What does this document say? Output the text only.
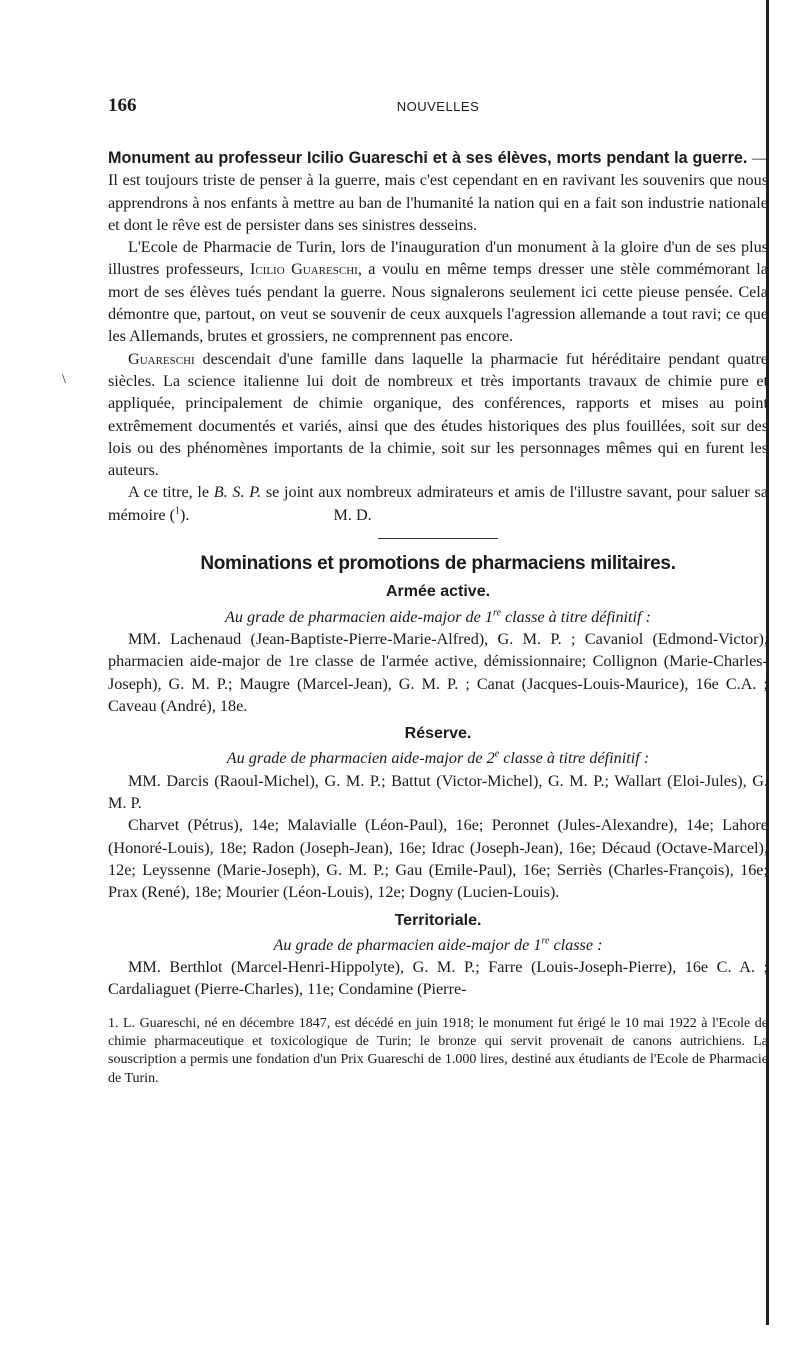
\
166	NOUVELLES

Monument au professeur Icilio Guareschi et à ses élèves, morts pendant la guerre. — Il est toujours triste de penser à la guerre, mais c'est cependant en en ravivant les souvenirs que nous apprendrons à nos enfants à mettre au ban de l'humanité la nation qui en a fait son industrie nationale et dont le rêve est de persister dans ses sinistres desseins.

L'Ecole de Pharmacie de Turin, lors de l'inauguration d'un monument à la gloire d'un de ses plus illustres professeurs, Icilio Guareschi, a voulu en même temps dresser une stèle commémorant la mort de ses élèves tués pendant la guerre. Nous signalerons seulement ici cette pieuse pensée. Cela démontre que, partout, on veut se souvenir de ceux auxquels l'agression allemande a tout ravi; ce que les Allemands, brutes et grossiers, ne comprennent pas encore.

Guareschi descendait d'une famille dans laquelle la pharmacie fut héréditaire pendant quatre siècles. La science italienne lui doit de nombreux et très importants travaux de chimie pure et appliquée, principalement de chimie organique, des conférences, rapports et mises au point extrêmement documentés et variés, ainsi que des études historiques des plus fouillées, soit sur des lois ou des phénomènes importants de la chimie, soit sur les personnages mêmes qui en furent les auteurs.

A ce titre, le B. S. P. se joint aux nombreux admirateurs et amis de l'illustre savant, pour saluer sa mémoire ($^1$).	M. D.

Nominations et promotions de pharmaciens militaires.
Armée active.
Au grade de pharmacien aide-major de 1re classe à titre définitif :

MM. Lachenaud (Jean-Baptiste-Pierre-Marie-Alfred), G. M. P. ; Cavaniol (Edmond-Victor), pharmacien aide-major de 1re classe de l'armée active, démissionnaire; Collignon (Marie-Charles-Joseph), G. M. P.; Maugre (Marcel-Jean), G. M. P. ; Canat (Jacques-Louis-Maurice), 16e C.A. ; Caveau (André), 18e.

Réserve.
Au grade de pharmacien aide-major de 2e classe à titre définitif :

MM. Darcis (Raoul-Michel), G. M. P.; Battut (Victor-Michel), G. M. P.; Wallart (Eloi-Jules), G. M. P.

Charvet (Pétrus), 14e; Malavialle (Léon-Paul), 16e; Peronnet (Jules-Alexandre), 14e; Lahore (Honoré-Louis), 18e; Radon (Joseph-Jean), 16e; Idrac (Joseph-Jean), 16e; Décaud (Octave-Marcel), 12e; Leyssenne (Marie-Joseph), G. M. P.; Gau (Emile-Paul), 16e; Serriès (Charles-François), 16e; Prax (René), 18e; Mourier (Léon-Louis), 12e; Dogny (Lucien-Louis).

Territoriale.
Au grade de pharmacien aide-major de 1re classe :

MM. Berthlot (Marcel-Henri-Hippolyte), G. M. P.; Farre (Louis-Joseph-Pierre), 16e C. A. ; Cardaliaguet (Pierre-Charles), 11e; Condamine (Pierre-

1. L. Guareschi, né en décembre 1847, est décédé en juin 1918; le monument fut érigé le 10 mai 1922 à l'Ecole de chimie pharmaceutique et toxicologique de Turin; le bronze qui servit provenait de canons autrichiens. La souscription a permis une fondation d'un Prix Guareschi de 1.000 lires, destiné aux étudiants de l'Ecole de Pharmacie de Turin.
